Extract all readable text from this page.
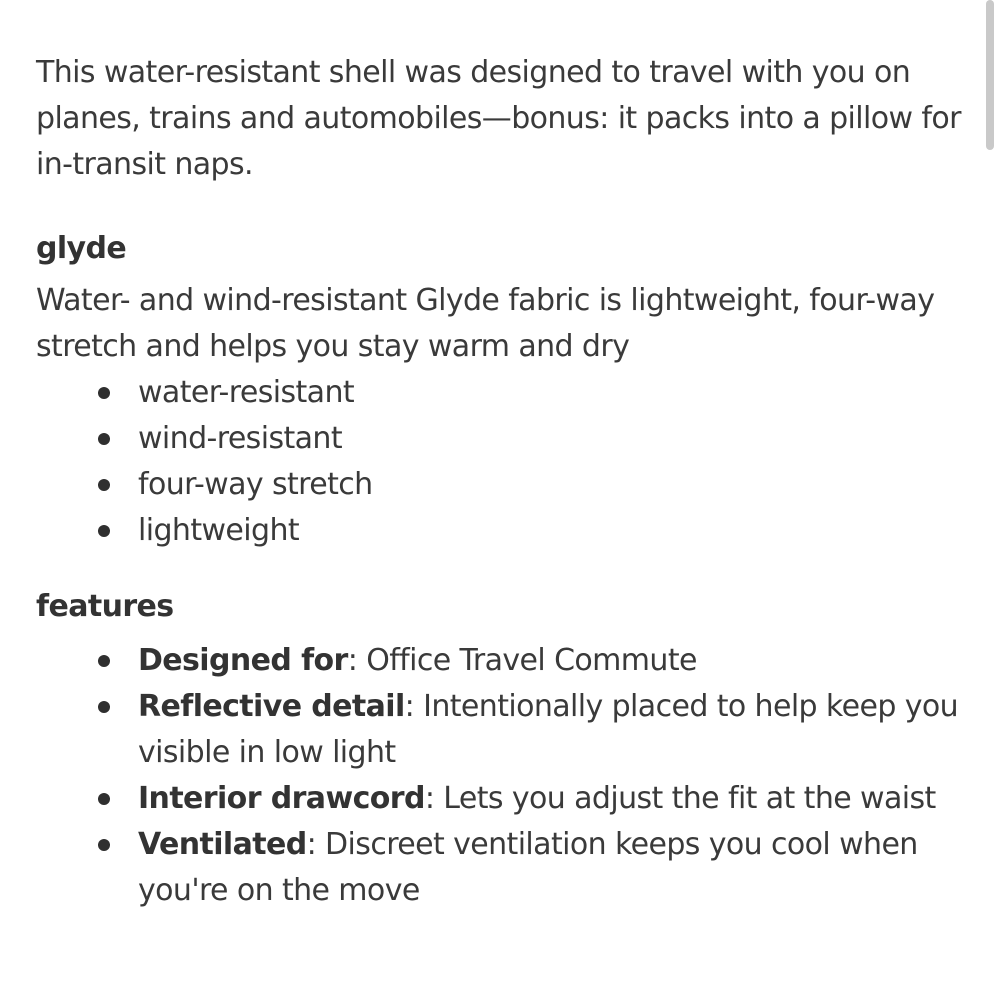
This water-resistant shell was designed to travel with you on planes, trains and automobiles—bonus: it packs into a pillow for in-transit naps.

glyde

Water- and wind-resistant Glyde fabric is lightweight, four-way stretch and helps you stay warm and dry

water-resistant
wind-resistant
four-way stretch
lightweight
features
Designed for: Office Travel Commute
Reflective detail: Intentionally placed to help keep you visible in low light
Interior drawcord: Lets you adjust the fit at the waist
Ventilated: Discreet ventilation keeps you cool when you're on the move
